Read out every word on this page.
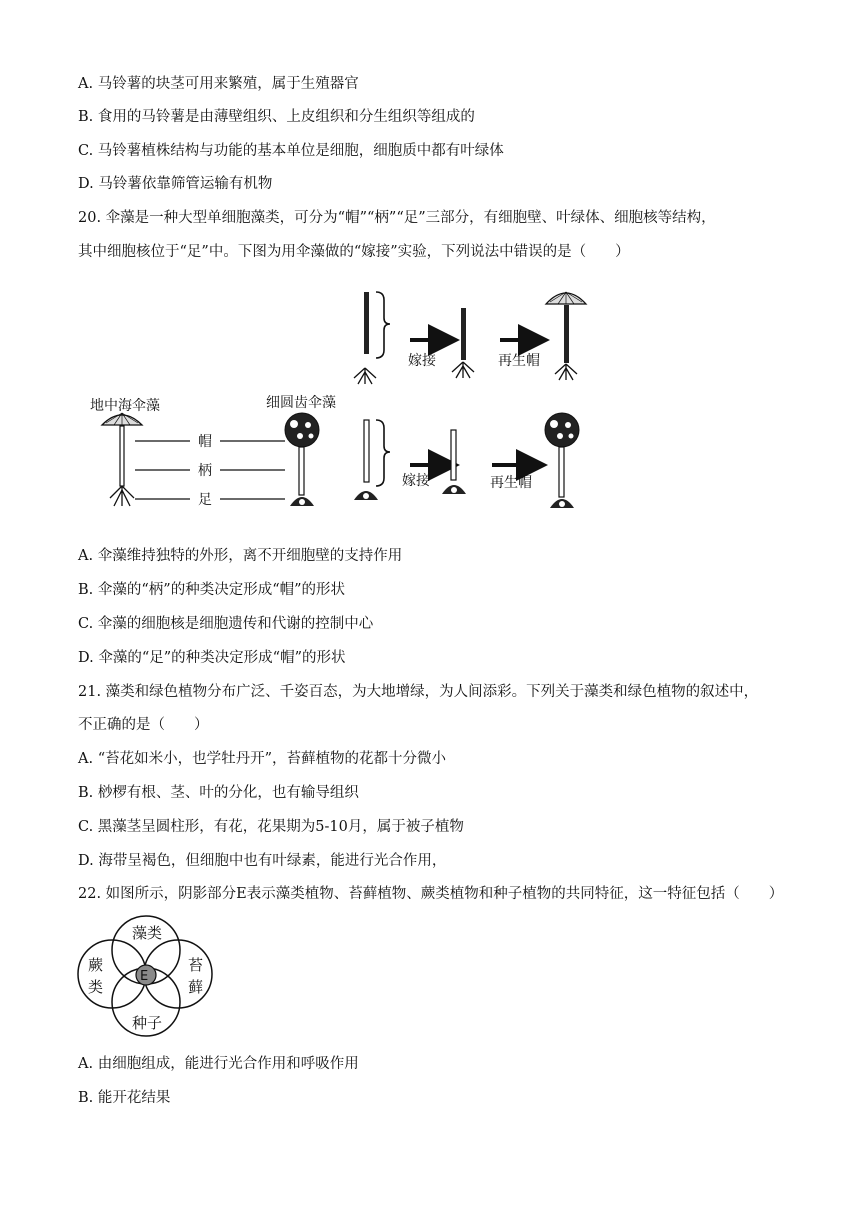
A. 马铃薯的块茎可用来繁殖，属于生殖器官
B. 食用的马铃薯是由薄壁组织、上皮组织和分生组织等组成的
C. 马铃薯植株结构与功能的基本单位是细胞，细胞质中都有叶绿体
D. 马铃薯依靠筛管运输有机物
20. 伞藻是一种大型单细胞藻类，可分为“帽”“柄”“足”三部分，有细胞壁、叶绿体、细胞核等结构，
其中细胞核位于“足”中。下图为用伞藻做的“嫁接”实验，下列说法中错误的是（　　）
地中海伞藻
帽
柄
足
细圆齿伞藻
嫁接	再生帽
嫁接	再生帽
A. 伞藻维持独特的外形，离不开细胞壁的支持作用
B. 伞藻的“柄”的种类决定形成“帽”的形状
C. 伞藻的细胞核是细胞遗传和代谢的控制中心
D. 伞藻的“足”的种类决定形成“帽”的形状
21. 藻类和绿色植物分布广泛、千姿百态，为大地增绿，为人间添彩。下列关于藻类和绿色植物的叙述中，
不正确的是（　　）
A. “苔花如米小，也学牡丹开”，苔藓植物的花都十分微小
B. 桫椤有根、茎、叶的分化，也有输导组织
C. 黑藻茎呈圆柱形，有花，花果期为5-10月，属于被子植物
D. 海带呈褐色，但细胞中也有叶绿素，能进行光合作用，
22. 如图所示，阴影部分E表示藻类植物、苔藓植物、蕨类植物和种子植物的共同特征，这一特征包括（　　）
E
藻类
蕨
类
苔
藓
种子
A. 由细胞组成，能进行光合作用和呼吸作用
B. 能开花结果
